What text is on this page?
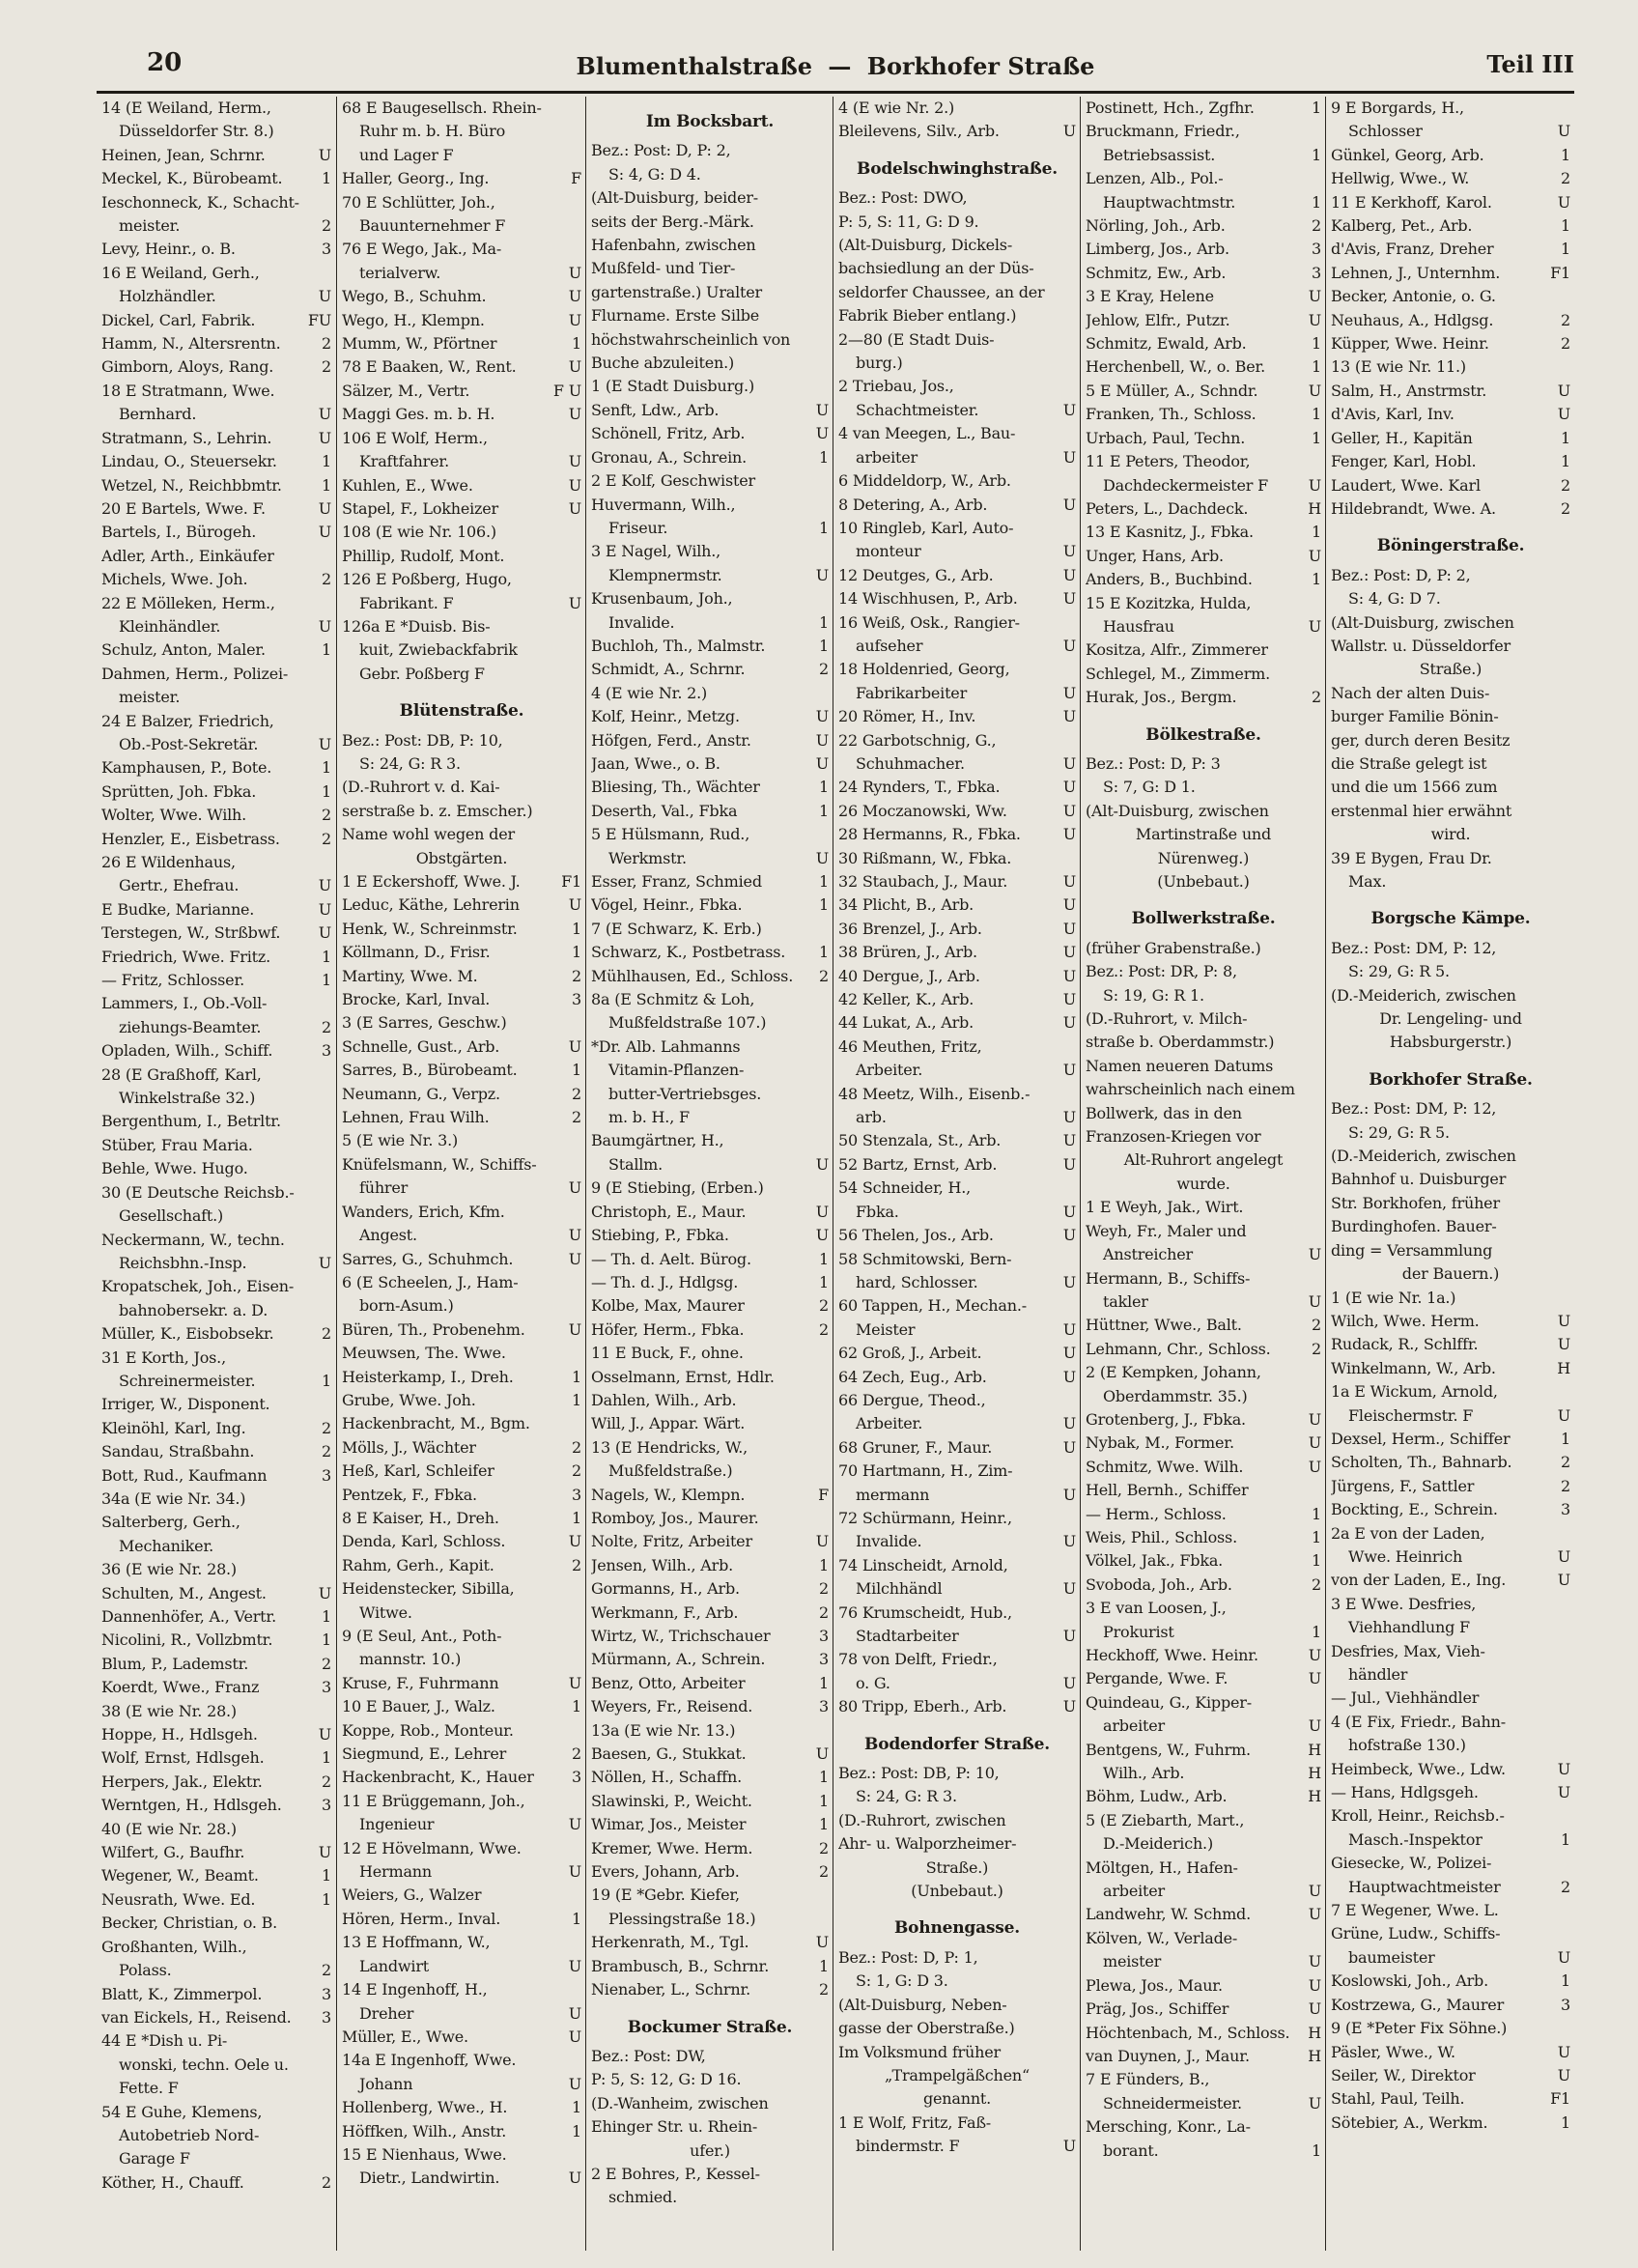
20	Blumenthalstraße — Borkhofer Straße	Teil III
14 (E Weiland, Herm.,
Düsseldorfer Str. 8.)
U
Heinen, Jean, Schrnr.
1
Meckel, K., Bürobeamt.
Ieschonneck, K., Schacht-
2
meister.
3
Levy, Heinr., o. B.
16 E Weiland, Gerh.,
U
Holzhändler.
FU
Dickel, Carl, Fabrik.
2
Hamm, N., Altersrentn.
2
Gimborn, Aloys, Rang.
18 E Stratmann, Wwe.
U
Bernhard.
U
Stratmann, S., Lehrin.
1
Lindau, O., Steuersekr.
1
Wetzel, N., Reichbbmtr.
U
20 E Bartels, Wwe. F.
U
Bartels, I., Bürogeh.
Adler, Arth., Einkäufer
2
Michels, Wwe. Joh.
22 E Mölleken, Herm.,
U
Kleinhändler.
1
Schulz, Anton, Maler.
Dahmen, Herm., Polizei-
meister.
24 E Balzer, Friedrich,
U
Ob.-Post-Sekretär.
1
Kamphausen, P., Bote.
1
Sprütten, Joh. Fbka.
2
Wolter, Wwe. Wilh.
2
Henzler, E., Eisbetrass.
26 E Wildenhaus,
U
Gertr., Ehefrau.
U
E Budke, Marianne.
U
Terstegen, W., Strßbwf.
1
Friedrich, Wwe. Fritz.
1
— Fritz, Schlosser.
Lammers, I., Ob.-Voll-
2
ziehungs-Beamter.
3
Opladen, Wilh., Schiff.
28 (E Graßhoff, Karl,
Winkelstraße 32.)
Bergenthum, I., Betrltr.
Stüber, Frau Maria.
Behle, Wwe. Hugo.
30 (E Deutsche Reichsb.-
Gesellschaft.)
Neckermann, W., techn.
U
Reichsbhn.-Insp.
Kropatschek, Joh., Eisen-
bahnobersekr. a. D.
2
Müller, K., Eisbobsekr.
31 E Korth, Jos.,
1
Schreinermeister.
Irriger, W., Disponent.
2
Kleinöhl, Karl, Ing.
2
Sandau, Straßbahn.
3
Bott, Rud., Kaufmann
34a (E wie Nr. 34.)
Salterberg, Gerh.,
Mechaniker.
36 (E wie Nr. 28.)
U
Schulten, M., Angest.
1
Dannenhöfer, A., Vertr.
1
Nicolini, R., Vollzbmtr.
2
Blum, P., Lademstr.
3
Koerdt, Wwe., Franz
38 (E wie Nr. 28.)
U
Hoppe, H., Hdlsgeh.
1
Wolf, Ernst, Hdlsgeh.
2
Herpers, Jak., Elektr.
3
Werntgen, H., Hdlsgeh.
40 (E wie Nr. 28.)
U
Wilfert, G., Baufhr.
1
Wegener, W., Beamt.
1
Neusrath, Wwe. Ed.
Becker, Christian, o. B.
Großhanten, Wilh.,
2
Polass.
3
Blatt, K., Zimmerpol.
3
van Eickels, H., Reisend.
44 E *Dish u. Pi-
wonski, techn. Oele u.
Fette. F
54 E Guhe, Klemens,
Autobetrieb Nord-
Garage F
2
Köther, H., Chauff.
68 E Baugesellsch. Rhein-
Ruhr m. b. H. Büro
und Lager F
F
Haller, Georg., Ing.
70 E Schlütter, Joh.,
Bauunternehmer F
76 E Wego, Jak., Ma-
U
terialverw.
U
Wego, B., Schuhm.
U
Wego, H., Klempn.
1
Mumm, W., Pförtner
U
78 E Baaken, W., Rent.
F U
Sälzer, M., Vertr.
U
Maggi Ges. m. b. H.
106 E Wolf, Herm.,
U
Kraftfahrer.
U
Kuhlen, E., Wwe.
U
Stapel, F., Lokheizer
108 (E wie Nr. 106.)
Phillip, Rudolf, Mont.
126 E Poßberg, Hugo,
U
Fabrikant. F
126a E *Duisb. Bis-
kuit, Zwiebackfabrik
Gebr. Poßberg F
Blütenstraße.
Bez.: Post: DB, P: 10,
S: 24, G: R 3.
(D.-Ruhrort v. d. Kai-
serstraße b. z. Emscher.)
Name wohl wegen der
Obstgärten.
F1
1 E Eckershoff, Wwe. J.
U
Leduc, Käthe, Lehrerin
1
Henk, W., Schreinmstr.
1
Köllmann, D., Frisr.
2
Martiny, Wwe. M.
3
Brocke, Karl, Inval.
3 (E Sarres, Geschw.)
U
Schnelle, Gust., Arb.
1
Sarres, B., Bürobeamt.
2
Neumann, G., Verpz.
2
Lehnen, Frau Wilh.
5 (E wie Nr. 3.)
Knüfelsmann, W., Schiffs-
U
führer
Wanders, Erich, Kfm.
U
Angest.
U
Sarres, G., Schuhmch.
6 (E Scheelen, J., Ham-
born-Asum.)
U
Büren, Th., Probenehm.
Meuwsen, The. Wwe.
1
Heisterkamp, I., Dreh.
1
Grube, Wwe. Joh.
Hackenbracht, M., Bgm.
2
Mölls, J., Wächter
2
Heß, Karl, Schleifer
3
Pentzek, F., Fbka.
1
8 E Kaiser, H., Dreh.
U
Denda, Karl, Schloss.
2
Rahm, Gerh., Kapit.
Heidenstecker, Sibilla,
Witwe.
9 (E Seul, Ant., Poth-
mannstr. 10.)
U
Kruse, F., Fuhrmann
1
10 E Bauer, J., Walz.
Koppe, Rob., Monteur.
2
Siegmund, E., Lehrer
3
Hackenbracht, K., Hauer
11 E Brüggemann, Joh.,
U
Ingenieur
12 E Hövelmann, Wwe.
U
Hermann
Weiers, G., Walzer
1
Hören, Herm., Inval.
13 E Hoffmann, W.,
U
Landwirt
14 E Ingenhoff, H.,
U
Dreher
U
Müller, E., Wwe.
14a E Ingenhoff, Wwe.
U
Johann
1
Hollenberg, Wwe., H.
1
Höffken, Wilh., Anstr.
15 E Nienhaus, Wwe.
U
Dietr., Landwirtin.
Im Bocksbart.
Bez.: Post: D, P: 2,
S: 4, G: D 4.
(Alt-Duisburg, beider-
seits der Berg.-Märk.
Hafenbahn, zwischen
Mußfeld- und Tier-
gartenstraße.) Uralter
Flurname. Erste Silbe
höchstwahrscheinlich von
Buche abzuleiten.)
1 (E Stadt Duisburg.)
U
Senft, Ldw., Arb.
U
Schönell, Fritz, Arb.
1
Gronau, A., Schrein.
2 E Kolf, Geschwister
Huvermann, Wilh.,
1
Friseur.
3 E Nagel, Wilh.,
U
Klempnermstr.
Krusenbaum, Joh.,
1
Invalide.
1
Buchloh, Th., Malmstr.
2
Schmidt, A., Schrnr.
4 (E wie Nr. 2.)
U
Kolf, Heinr., Metzg.
U
Höfgen, Ferd., Anstr.
U
Jaan, Wwe., o. B.
1
Bliesing, Th., Wächter
1
Deserth, Val., Fbka
5 E Hülsmann, Rud.,
U
Werkmstr.
1
Esser, Franz, Schmied
1
Vögel, Heinr., Fbka.
7 (E Schwarz, K. Erb.)
1
Schwarz, K., Postbetrass.
2
Mühlhausen, Ed., Schloss.
8a (E Schmitz & Loh,
Mußfeldstraße 107.)
*Dr. Alb. Lahmanns
Vitamin-Pflanzen-
butter-Vertriebsges.
m. b. H., F
Baumgärtner, H.,
U
Stallm.
9 (E Stiebing, (Erben.)
U
Christoph, E., Maur.
U
Stiebing, P., Fbka.
1
— Th. d. Aelt. Bürog.
1
— Th. d. J., Hdlgsg.
2
Kolbe, Max, Maurer
2
Höfer, Herm., Fbka.
11 E Buck, F., ohne.
Osselmann, Ernst, Hdlr.
Dahlen, Wilh., Arb.
Will, J., Appar. Wärt.
13 (E Hendricks, W.,
Mußfeldstraße.)
F
Nagels, W., Klempn.
Romboy, Jos., Maurer.
U
Nolte, Fritz, Arbeiter
1
Jensen, Wilh., Arb.
2
Gormanns, H., Arb.
2
Werkmann, F., Arb.
3
Wirtz, W., Trichschauer
3
Mürmann, A., Schrein.
1
Benz, Otto, Arbeiter
3
Weyers, Fr., Reisend.
13a (E wie Nr. 13.)
U
Baesen, G., Stukkat.
1
Nöllen, H., Schaffn.
1
Slawinski, P., Weicht.
1
Wimar, Jos., Meister
2
Kremer, Wwe. Herm.
2
Evers, Johann, Arb.
19 (E *Gebr. Kiefer,
Plessingstraße 18.)
U
Herkenrath, M., Tgl.
1
Brambusch, B., Schrnr.
2
Nienaber, L., Schrnr.
Bockumer Straße.
Bez.: Post: DW,
P: 5, S: 12, G: D 16.
(D.-Wanheim, zwischen
Ehinger Str. u. Rhein-
ufer.)
2 E Bohres, P., Kessel-
schmied.
4 (E wie Nr. 2.)
U
Bleilevens, Silv., Arb.
Bodelschwinghstraße.
Bez.: Post: DWO,
P: 5, S: 11, G: D 9.
(Alt-Duisburg, Dickels-
bachsiedlung an der Düs-
seldorfer Chaussee, an der
Fabrik Bieber entlang.)
2—80 (E Stadt Duis-
burg.)
2 Triebau, Jos.,
U
Schachtmeister.
4 van Meegen, L., Bau-
U
arbeiter
6 Middeldorp, W., Arb.
U
8 Detering, A., Arb.
10 Ringleb, Karl, Auto-
U
monteur
U
12 Deutges, G., Arb.
U
14 Wischhusen, P., Arb.
16 Weiß, Osk., Rangier-
U
aufseher
18 Holdenried, Georg,
U
Fabrikarbeiter
U
20 Römer, H., Inv.
22 Garbotschnig, G.,
U
Schuhmacher.
U
24 Rynders, T., Fbka.
U
26 Moczanowski, Ww.
U
28 Hermanns, R., Fbka.
30 Rißmann, W., Fbka.
U
32 Staubach, J., Maur.
U
34 Plicht, B., Arb.
U
36 Brenzel, J., Arb.
U
38 Brüren, J., Arb.
U
40 Dergue, J., Arb.
U
42 Keller, K., Arb.
U
44 Lukat, A., Arb.
46 Meuthen, Fritz,
U
Arbeiter.
48 Meetz, Wilh., Eisenb.-
U
arb.
U
50 Stenzala, St., Arb.
U
52 Bartz, Ernst, Arb.
54 Schneider, H.,
U
Fbka.
U
56 Thelen, Jos., Arb.
58 Schmitowski, Bern-
U
hard, Schlosser.
60 Tappen, H., Mechan.-
U
Meister
U
62 Groß, J., Arbeit.
U
64 Zech, Eug., Arb.
66 Dergue, Theod.,
U
Arbeiter.
U
68 Gruner, F., Maur.
70 Hartmann, H., Zim-
U
mermann
72 Schürmann, Heinr.,
U
Invalide.
74 Linscheidt, Arnold,
U
Milchhändl
76 Krumscheidt, Hub.,
U
Stadtarbeiter
78 von Delft, Friedr.,
U
o. G.
U
80 Tripp, Eberh., Arb.
Bodendorfer Straße.
Bez.: Post: DB, P: 10,
S: 24, G: R 3.
(D.-Ruhrort, zwischen
Ahr- u. Walporzheimer-
Straße.)
(Unbebaut.)
Bohnengasse.
Bez.: Post: D, P: 1,
S: 1, G: D 3.
(Alt-Duisburg, Neben-
gasse der Oberstraße.)
Im Volksmund früher
„Trampelgäßchen“
genannt.
1 E Wolf, Fritz, Faß-
U
bindermstr. F
1
Postinett, Hch., Zgfhr.
Bruckmann, Friedr.,
1
Betriebsassist.
Lenzen, Alb., Pol.-
1
Hauptwachtmstr.
2
Nörling, Joh., Arb.
3
Limberg, Jos., Arb.
3
Schmitz, Ew., Arb.
U
3 E Kray, Helene
U
Jehlow, Elfr., Putzr.
1
Schmitz, Ewald, Arb.
1
Herchenbell, W., o. Ber.
U
5 E Müller, A., Schndr.
1
Franken, Th., Schloss.
1
Urbach, Paul, Techn.
11 E Peters, Theodor,
U
Dachdeckermeister F
H
Peters, L., Dachdeck.
1
13 E Kasnitz, J., Fbka.
U
Unger, Hans, Arb.
1
Anders, B., Buchbind.
15 E Kozitzka, Hulda,
U
Hausfrau
Kositza, Alfr., Zimmerer
Schlegel, M., Zimmerm.
2
Hurak, Jos., Bergm.
Bölkestraße.
Bez.: Post: D, P: 3
S: 7, G: D 1.
(Alt-Duisburg, zwischen
Martinstraße und
Nürenweg.)
(Unbebaut.)
Bollwerkstraße.
(früher Grabenstraße.)
Bez.: Post: DR, P: 8,
S: 19, G: R 1.
(D.-Ruhrort, v. Milch-
straße b. Oberdammstr.)
Namen neueren Datums
wahrscheinlich nach einem
Bollwerk, das in den
Franzosen-Kriegen vor
Alt-Ruhrort angelegt
wurde.
1 E Weyh, Jak., Wirt.
Weyh, Fr., Maler und
U
Anstreicher
Hermann, B., Schiffs-
U
takler
2
Hüttner, Wwe., Balt.
2
Lehmann, Chr., Schloss.
2 (E Kempken, Johann,
Oberdammstr. 35.)
U
Grotenberg, J., Fbka.
U
Nybak, M., Former.
U
Schmitz, Wwe. Wilh.
Hell, Bernh., Schiffer
1
— Herm., Schloss.
1
Weis, Phil., Schloss.
1
Völkel, Jak., Fbka.
2
Svoboda, Joh., Arb.
3 E van Loosen, J.,
1
Prokurist
U
Heckhoff, Wwe. Heinr.
U
Pergande, Wwe. F.
Quindeau, G., Kipper-
U
arbeiter
H
Bentgens, W., Fuhrm.
H
Wilh., Arb.
H
Böhm, Ludw., Arb.
5 (E Ziebarth, Mart.,
D.-Meiderich.)
Möltgen, H., Hafen-
U
arbeiter
U
Landwehr, W. Schmd.
Kölven, W., Verlade-
U
meister
U
Plewa, Jos., Maur.
U
Präg, Jos., Schiffer
H
Höchtenbach, M., Schloss.
H
van Duynen, J., Maur.
7 E Fünders, B.,
U
Schneidermeister.
Mersching, Konr., La-
1
borant.
9 E Borgards, H.,
U
Schlosser
1
Günkel, Georg, Arb.
2
Hellwig, Wwe., W.
U
11 E Kerkhoff, Karol.
1
Kalberg, Pet., Arb.
1
d'Avis, Franz, Dreher
F1
Lehnen, J., Unternhm.
Becker, Antonie, o. G.
2
Neuhaus, A., Hdlgsg.
2
Küpper, Wwe. Heinr.
13 (E wie Nr. 11.)
U
Salm, H., Anstrmstr.
U
d'Avis, Karl, Inv.
1
Geller, H., Kapitän
1
Fenger, Karl, Hobl.
2
Laudert, Wwe. Karl
2
Hildebrandt, Wwe. A.
Böningerstraße.
Bez.: Post: D, P: 2,
S: 4, G: D 7.
(Alt-Duisburg, zwischen
Wallstr. u. Düsseldorfer
Straße.)
Nach der alten Duis-
burger Familie Bönin-
ger, durch deren Besitz
die Straße gelegt ist
und die um 1566 zum
erstenmal hier erwähnt
wird.
39 E Bygen, Frau Dr.
Max.
Borgsche Kämpe.
Bez.: Post: DM, P: 12,
S: 29, G: R 5.
(D.-Meiderich, zwischen
Dr. Lengeling- und
Habsburgerstr.)
Borkhofer Straße.
Bez.: Post: DM, P: 12,
S: 29, G: R 5.
(D.-Meiderich, zwischen
Bahnhof u. Duisburger
Str. Borkhofen, früher
Burdinghofen. Bauer-
ding = Versammlung
der Bauern.)
1 (E wie Nr. 1a.)
U
Wilch, Wwe. Herm.
U
Rudack, R., Schlffr.
H
Winkelmann, W., Arb.
1a E Wickum, Arnold,
U
Fleischermstr. F
1
Dexsel, Herm., Schiffer
2
Scholten, Th., Bahnarb.
2
Jürgens, F., Sattler
3
Bockting, E., Schrein.
2a E von der Laden,
U
Wwe. Heinrich
U
von der Laden, E., Ing.
3 E Wwe. Desfries,
Viehhandlung F
Desfries, Max, Vieh-
händler
— Jul., Viehhändler
4 (E Fix, Friedr., Bahn-
hofstraße 130.)
U
Heimbeck, Wwe., Ldw.
U
— Hans, Hdlgsgeh.
Kroll, Heinr., Reichsb.-
1
Masch.-Inspektor
Giesecke, W., Polizei-
2
Hauptwachtmeister
7 E Wegener, Wwe. L.
Grüne, Ludw., Schiffs-
U
baumeister
1
Koslowski, Joh., Arb.
3
Kostrzewa, G., Maurer
9 (E *Peter Fix Söhne.)
U
Päsler, Wwe., W.
U
Seiler, W., Direktor
F1
Stahl, Paul, Teilh.
1
Sötebier, A., Werkm.
